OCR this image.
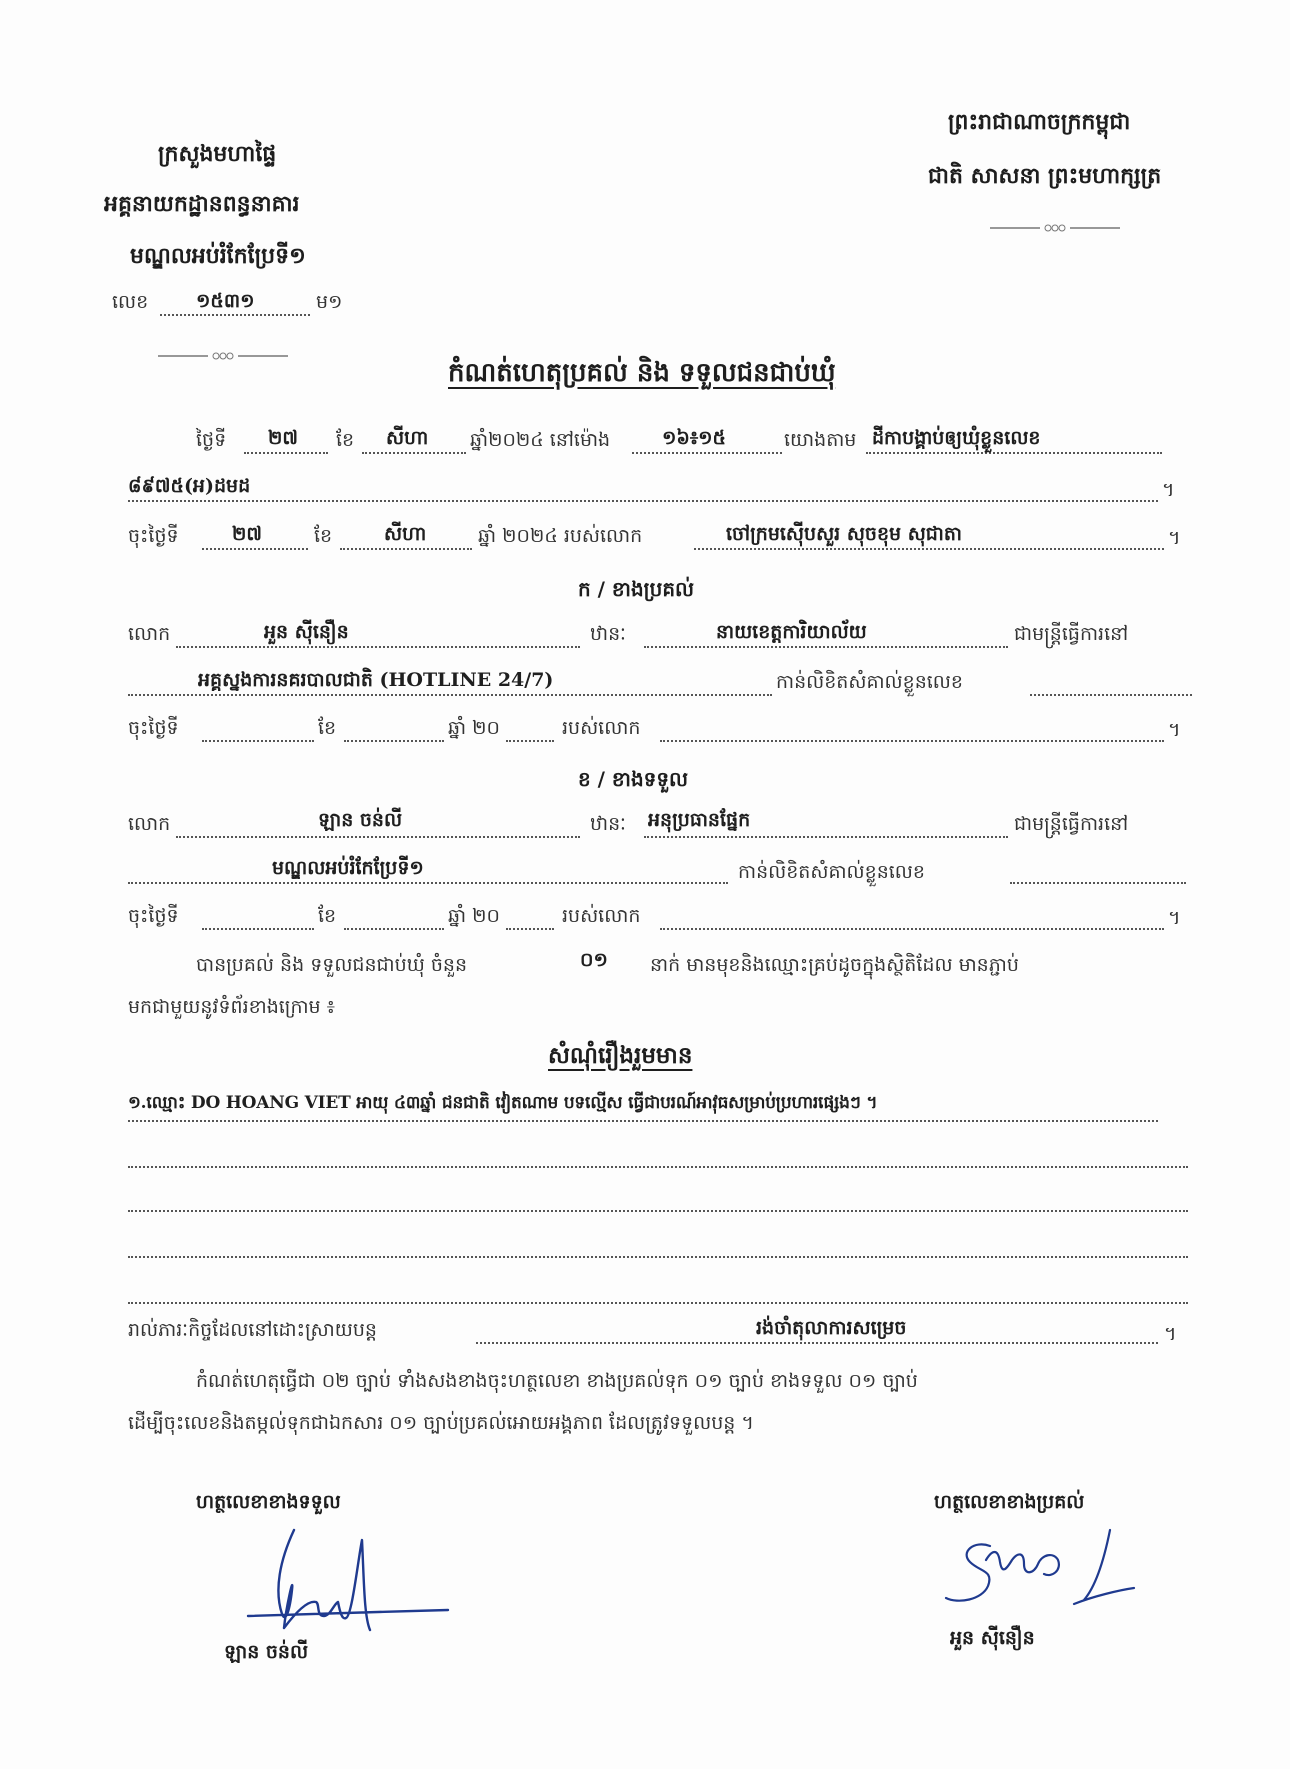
ក្រសួងមហាផ្ទៃ
អគ្គនាយកដ្ឋានពន្ធនាគារ
មណ្ឌលអប់រំកែប្រែទី១
លេខ	១៥៣១	ម១
ព្រះរាជាណាចក្រកម្ពុជា
ជាតិ សាសនា ព្រះមហាក្សត្រ
កំណត់ហេតុប្រគល់ និង ទទួលជនជាប់ឃុំ
ថ្ងៃទី ២៧ ខែ សីហា ឆ្នាំ២០២៤ នៅម៉ោង	១៦៖១៥	យោងតាម ដីកាបង្គាប់ឲ្យឃុំខ្លួនលេខ
៨៩៧៥(អ)ដមដ	។
ចុះថ្ងៃទី	២៧	ខែ	សីហា	ឆ្នាំ ២០២៤ របស់លោក	ចៅក្រមស៊ើបសួរ សុចខុម សុជាតា	។
ក / ខាងប្រគល់
លោក	អួន ស៊ីនឿន	ឋានៈ	នាយខេត្តការិយាល័យ	ជាមន្ត្រីធ្វើការនៅ
អគ្គស្នងការនគរបាលជាតិ (HOTLINE 24/7)	កាន់លិខិតសំគាល់ខ្លួនលេខ
ចុះថ្ងៃទី	ខែ	ឆ្នាំ ២០	របស់លោក	។
ខ / ខាងទទួល
លោក	ឡាន ចន់លី	ឋានៈ អនុប្រធានផ្នែក	ជាមន្ត្រីធ្វើការនៅ
មណ្ឌលអប់រំកែប្រែទី១	កាន់លិខិតសំគាល់ខ្លួនលេខ
ចុះថ្ងៃទី	ខែ	ឆ្នាំ ២០	របស់លោក	។
បានប្រគល់ និង ទទួលជនជាប់ឃុំ ចំនួន	០១ នាក់ មានមុខនិងឈ្មោះគ្រប់ដូចក្នុងស្ថិតិដែល មានភ្ជាប់
មកជាមួយនូវទំព័រខាងក្រោម ៖
សំណុំរឿងរួមមាន
១.ឈ្មោះ DO HOANG VIET អាយុ ៤៣ឆ្នាំ ជនជាតិ វៀតណាម បទល្មើស ធ្វើជាបរណ៍អាវុធសម្រាប់ប្រហារផ្សេងៗ ។
រាល់ភារៈកិច្ចដែលនៅដោះស្រាយបន្ត	រង់ចាំតុលាការសម្រេច	។
កំណត់ហេតុធ្វើជា ០២ ច្បាប់ ទាំងសងខាងចុះហត្ថលេខា ខាងប្រគល់ទុក ០១ ច្បាប់ ខាងទទួល ០១ ច្បាប់
ដើម្បីចុះលេខនិងតម្កល់ទុកជាឯកសារ ០១ ច្បាប់ប្រគល់អោយអង្គភាព ដែលត្រូវទទួលបន្ត ។
ហត្ថលេខាខាងទទួល
ឡាន ចន់លី
ហត្ថលេខាខាងប្រគល់
អួន ស៊ីនឿន
